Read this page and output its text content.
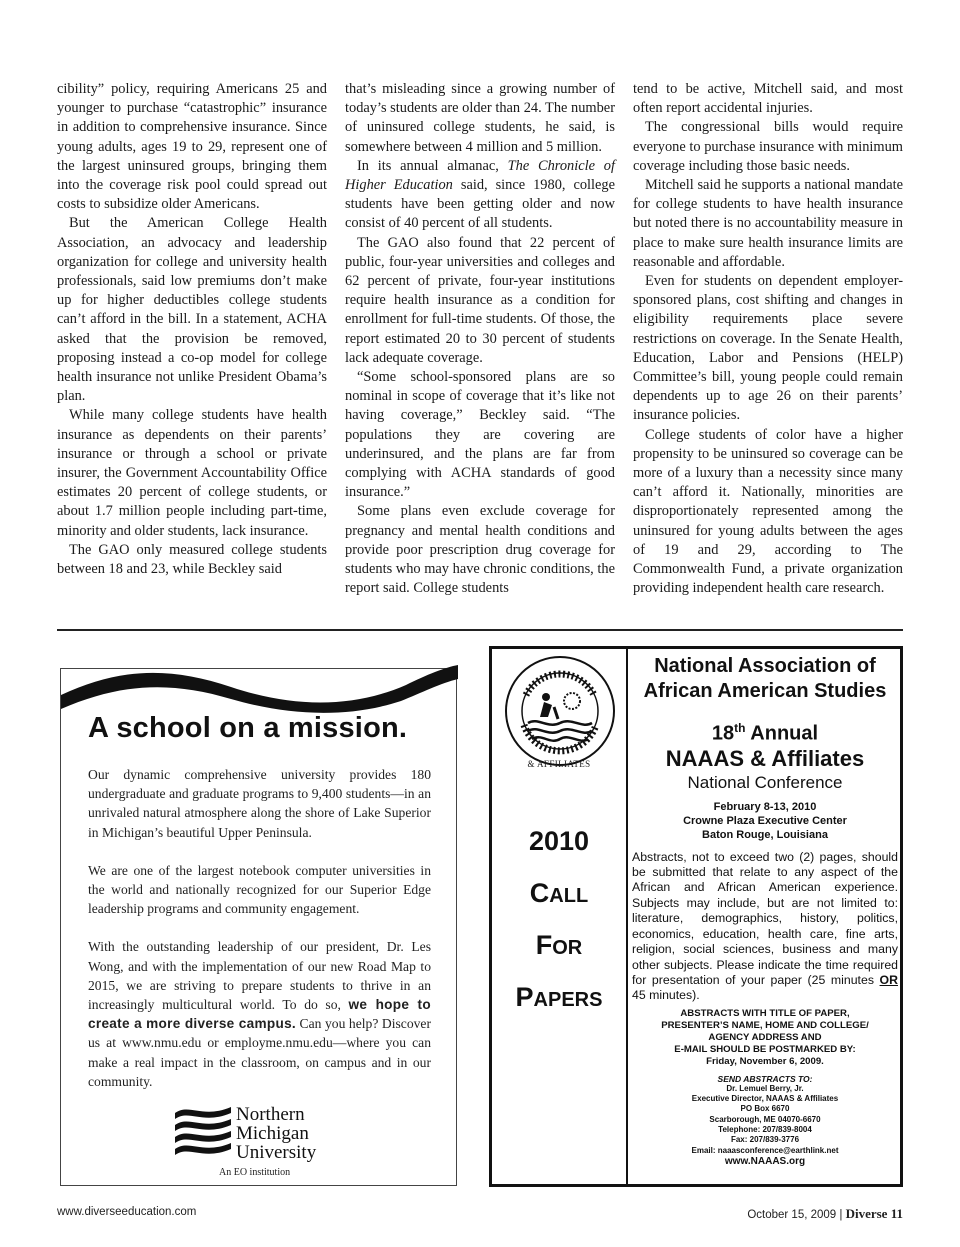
cibility” policy, requiring Americans 25 and younger to purchase “catastrophic” insurance in addition to comprehensive insurance. Since young adults, ages 19 to 29, represent one of the largest uninsured groups, bringing them into the coverage risk pool could spread out costs to subsidize older Americans.

But the American College Health Association, an advocacy and leadership organization for college and university health professionals, said low premiums don’t make up for higher deductibles college students can’t afford in the bill. In a statement, ACHA asked that the provision be removed, proposing instead a co-op model for college health insurance not unlike President Obama’s plan.

While many college students have health insurance as dependents on their parents’ insurance or through a school or private insurer, the Government Accountability Office estimates 20 percent of college students, or about 1.7 million people including part-time, minority and older students, lack insurance.

The GAO only measured college students between 18 and 23, while Beckley said

that’s misleading since a growing number of today’s students are older than 24. The number of uninsured college students, he said, is somewhere between 4 million and 5 million.

In its annual almanac, The Chronicle of Higher Education said, since 1980, college students have been getting older and now consist of 40 percent of all students.

The GAO also found that 22 percent of public, four-year universities and colleges and 62 percent of private, four-year institutions require health insurance as a condition for enrollment for full-time students. Of those, the report estimated 20 to 30 percent of students lack adequate coverage.

“Some school-sponsored plans are so nominal in scope of coverage that it’s like not having coverage,” Beckley said. “The populations they are covering are underinsured, and the plans are far from complying with ACHA standards of good insurance.”

Some plans even exclude coverage for pregnancy and mental health conditions and provide poor prescription drug coverage for students who may have chronic conditions, the report said. College students

tend to be active, Mitchell said, and most often report accidental injuries.

The congressional bills would require everyone to purchase insurance with minimum coverage including those basic needs.

Mitchell said he supports a national mandate for college students to have health insurance but noted there is no accountability measure in place to make sure health insurance limits are reasonable and affordable.

Even for students on dependent employer-sponsored plans, cost shifting and changes in eligibility requirements place severe restrictions on coverage. In the Senate Health, Education, Labor and Pensions (HELP) Committee’s bill, young people could remain dependents up to age 26 on their parents’ insurance policies.

College students of color have a higher propensity to be uninsured so coverage can be more of a luxury than a necessity since many can’t afford it. Nationally, minorities are disproportionately represented among the uninsured for young adults between the ages of 19 and 29, according to The Commonwealth Fund, a private organization providing independent health care research.

A school on a mission.

Our dynamic comprehensive university provides 180 undergraduate and graduate programs to 9,400 students—in an unrivaled natural atmosphere along the shore of Lake Superior in Michigan’s beautiful Upper Peninsula.

We are one of the largest notebook computer universities in the world and nationally recognized for our Superior Edge leadership programs and community engagement.

With the outstanding leadership of our president, Dr. Les Wong, and with the implementation of our new Road Map to 2015, we are striving to prepare students to thrive in an increasingly multicultural world. To do so, we hope to create a more diverse campus. Can you help? Discover us at www.nmu.edu or employme.nmu.edu—where you can make a real impact in the classroom, on campus and in our community.

Northern
Michigan
University
An EO institution
& AFFILIATES
2010
CALL
FOR
PAPERS
National Association of
African American Studies
18th Annual
NAAAS & Affiliates
National Conference
February 8-13, 2010
Crowne Plaza Executive Center
Baton Rouge, Louisiana
Abstracts, not to exceed two (2) pages, should be submitted that relate to any aspect of the African and African American experience. Subjects may include, but are not limited to: literature, demographics, history, politics, economics, education, health care, fine arts, religion, social sciences, business and many other subjects. Please indicate the time required for presentation of your paper (25 minutes OR 45 minutes).
ABSTRACTS WITH TITLE OF PAPER,
PRESENTER’S NAME, HOME AND COLLEGE/
AGENCY ADDRESS AND
E-MAIL SHOULD BE POSTMARKED BY:
Friday, November 6, 2009.
SEND ABSTRACTS TO:
Dr. Lemuel Berry, Jr.
Executive Director, NAAAS & Affiliates
PO Box 6670
Scarborough, ME 04070-6670
Telephone: 207/839-8004
Fax: 207/839-3776
Email: naaasconference@earthlink.net
www.NAAAS.org
www.diverseeducation.com	October 15, 2009 | Diverse 11
